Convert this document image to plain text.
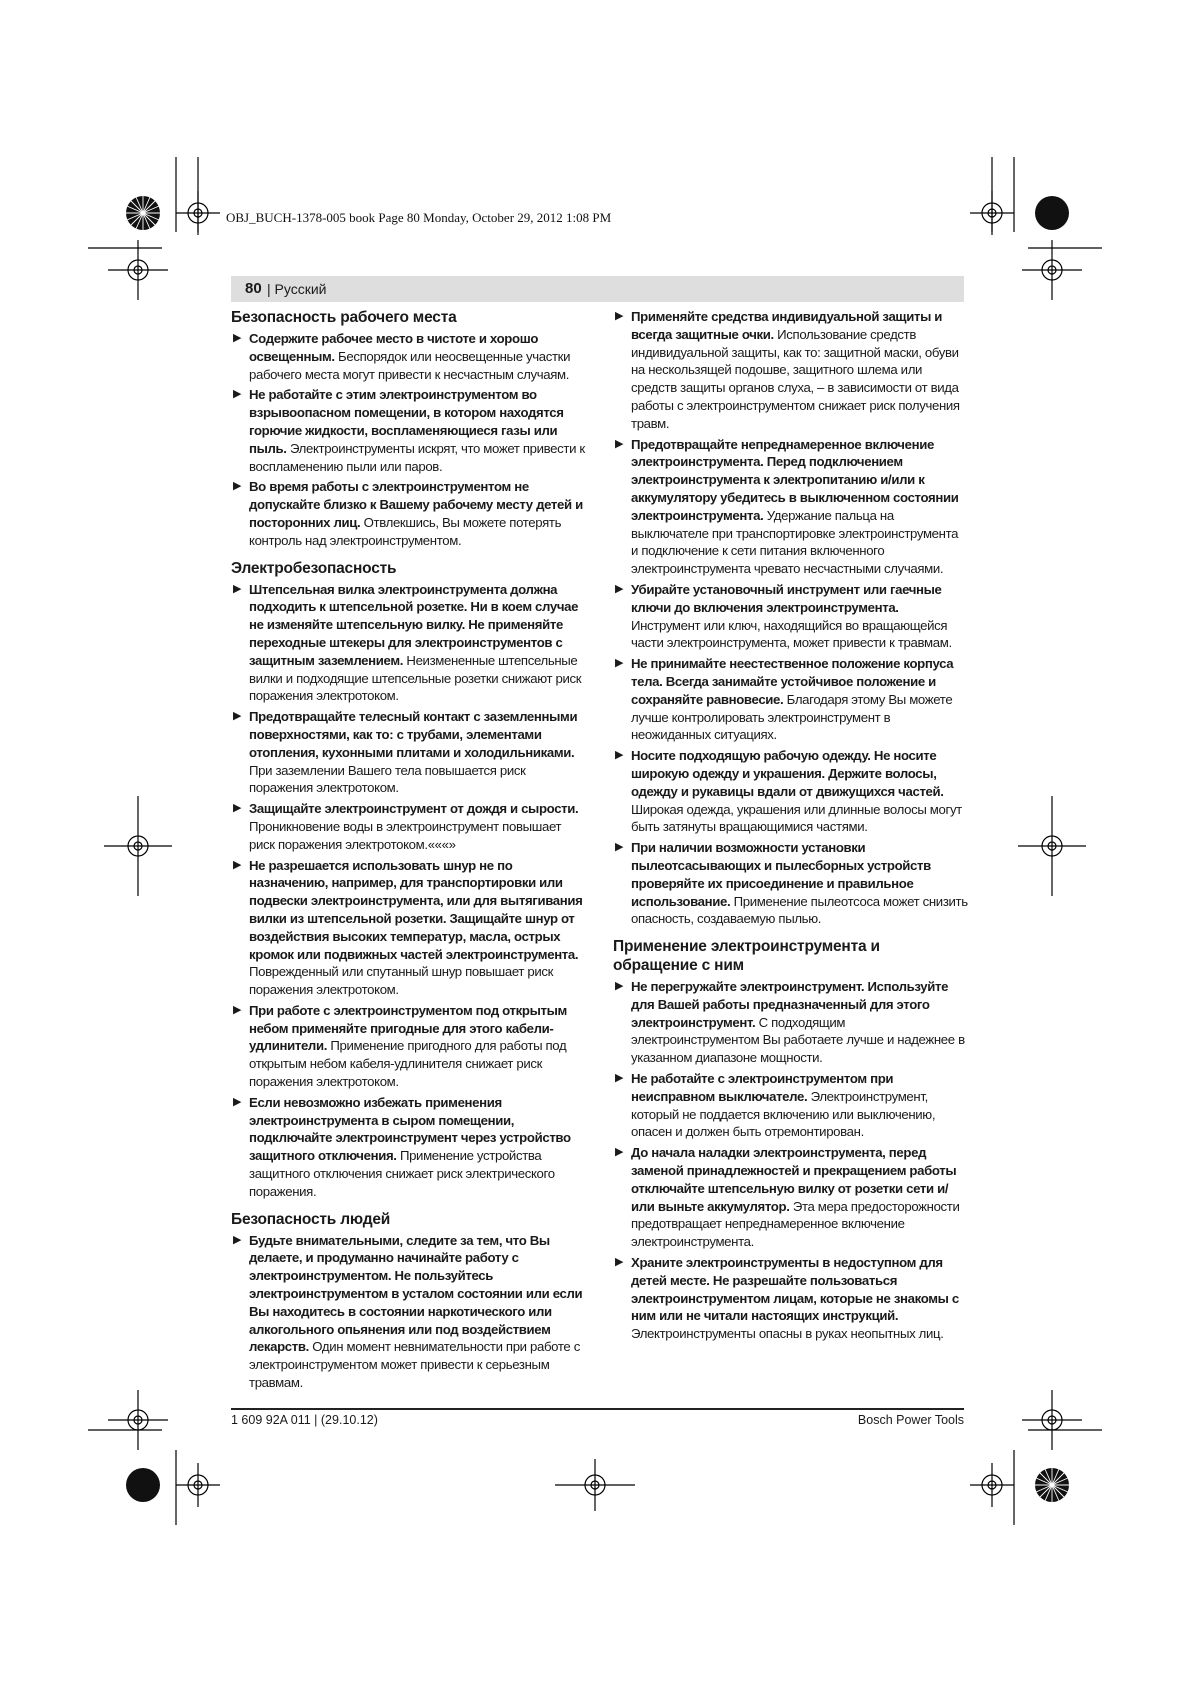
OBJ_BUCH-1378-005 book Page 80 Monday, October 29, 2012 1:08 PM
80 | Русский
Безопасность рабочего места
▶ Содержите рабочее место в чистоте и хорошо освещенным. Беспорядок или неосвещенные участки рабочего места могут привести к несчастным случаям.
▶ Не работайте с этим электроинструментом во взрывоопасном помещении, в котором находятся горючие жидкости, воспламеняющиеся газы или пыль. Электроинструменты искрят, что может привести к воспламенению пыли или паров.
▶ Во время работы с электроинструментом не допускайте близко к Вашему рабочему месту детей и посторонних лиц. Отвлекшись, Вы можете потерять контроль над электроинструментом.
Электробезопасность
▶ Штепсельная вилка электроинструмента должна подходить к штепсельной розетке. Ни в коем случае не изменяйте штепсельную вилку. Не применяйте переходные штекеры для электроинструментов с защитным заземлением. Неизмененные штепсельные вилки и подходящие штепсельные розетки снижают риск поражения электротоком.
▶ Предотвращайте телесный контакт с заземленными поверхностями, как то: с трубами, элементами отопления, кухонными плитами и холодильниками. При заземлении Вашего тела повышается риск поражения электротоком.
▶ Защищайте электроинструмент от дождя и сырости. Проникновение воды в электроинструмент повышает риск поражения электротоком.«««»
▶ Не разрешается использовать шнур не по назначению, например, для транспортировки или подвески электроинструмента, или для вытягивания вилки из штепсельной розетки. Защищайте шнур от воздействия высоких температур, масла, острых кромок или подвижных частей электроинструмента. Поврежденный или спутанный шнур повышает риск поражения электротоком.
▶ При работе с электроинструментом под открытым небом применяйте пригодные для этого кабели-удлинители. Применение пригодного для работы под открытым небом кабеля-удлинителя снижает риск поражения электротоком.
▶ Если невозможно избежать применения электроинструмента в сыром помещении, подключайте электроинструмент через устройство защитного отключения. Применение устройства защитного отключения снижает риск электрического поражения.
Безопасность людей
▶ Будьте внимательными, следите за тем, что Вы делаете, и продуманно начинайте работу с электроинструментом. Не пользуйтесь электроинструментом в усталом состоянии или если Вы находитесь в состоянии наркотического или алкогольного опьянения или под воздействием лекарств. Один момент невнимательности при работе с электроинструментом может привести к серьезным травмам.
▶ Применяйте средства индивидуальной защиты и всегда защитные очки. Использование средств индивидуальной защиты, как то: защитной маски, обуви на нескользящей подошве, защитного шлема или средств защиты органов слуха, – в зависимости от вида работы с электроинструментом снижает риск получения травм.
▶ Предотвращайте непреднамеренное включение электроинструмента. Перед подключением электроинструмента к электропитанию и/или к аккумулятору убедитесь в выключенном состоянии электроинструмента. Удержание пальца на выключателе при транспортировке электроинструмента и подключение к сети питания включенного электроинструмента чревато несчастными случаями.
▶ Убирайте установочный инструмент или гаечные ключи до включения электроинструмента. Инструмент или ключ, находящийся во вращающейся части электроинструмента, может привести к травмам.
▶ Не принимайте неестественное положение корпуса тела. Всегда занимайте устойчивое положение и сохраняйте равновесие. Благодаря этому Вы можете лучше контролировать электроинструмент в неожиданных ситуациях.
▶ Носите подходящую рабочую одежду. Не носите широкую одежду и украшения. Держите волосы, одежду и рукавицы вдали от движущихся частей. Широкая одежда, украшения или длинные волосы могут быть затянуты вращающимися частями.
▶ При наличии возможности установки пылеотсасывающих и пылесборных устройств проверяйте их присоединение и правильное использование. Применение пылеотсоса может снизить опасность, создаваемую пылью.
Применение электроинструмента и обращение с ним
▶ Не перегружайте электроинструмент. Используйте для Вашей работы предназначенный для этого электроинструмент. С подходящим электроинструментом Вы работаете лучше и надежнее в указанном диапазоне мощности.
▶ Не работайте с электроинструментом при неисправном выключателе. Электроинструмент, который не поддается включению или выключению, опасен и должен быть отремонтирован.
▶ До начала наладки электроинструмента, перед заменой принадлежностей и прекращением работы отключайте штепсельную вилку от розетки сети и/или выньте аккумулятор. Эта мера предосторожности предотвращает непреднамеренное включение электроинструмента.
▶ Храните электроинструменты в недоступном для детей месте. Не разрешайте пользоваться электроинструментом лицам, которые не знакомы с ним или не читали настоящих инструкций. Электроинструменты опасны в руках неопытных лиц.
1 609 92A 011 | (29.10.12)	Bosch Power Tools
